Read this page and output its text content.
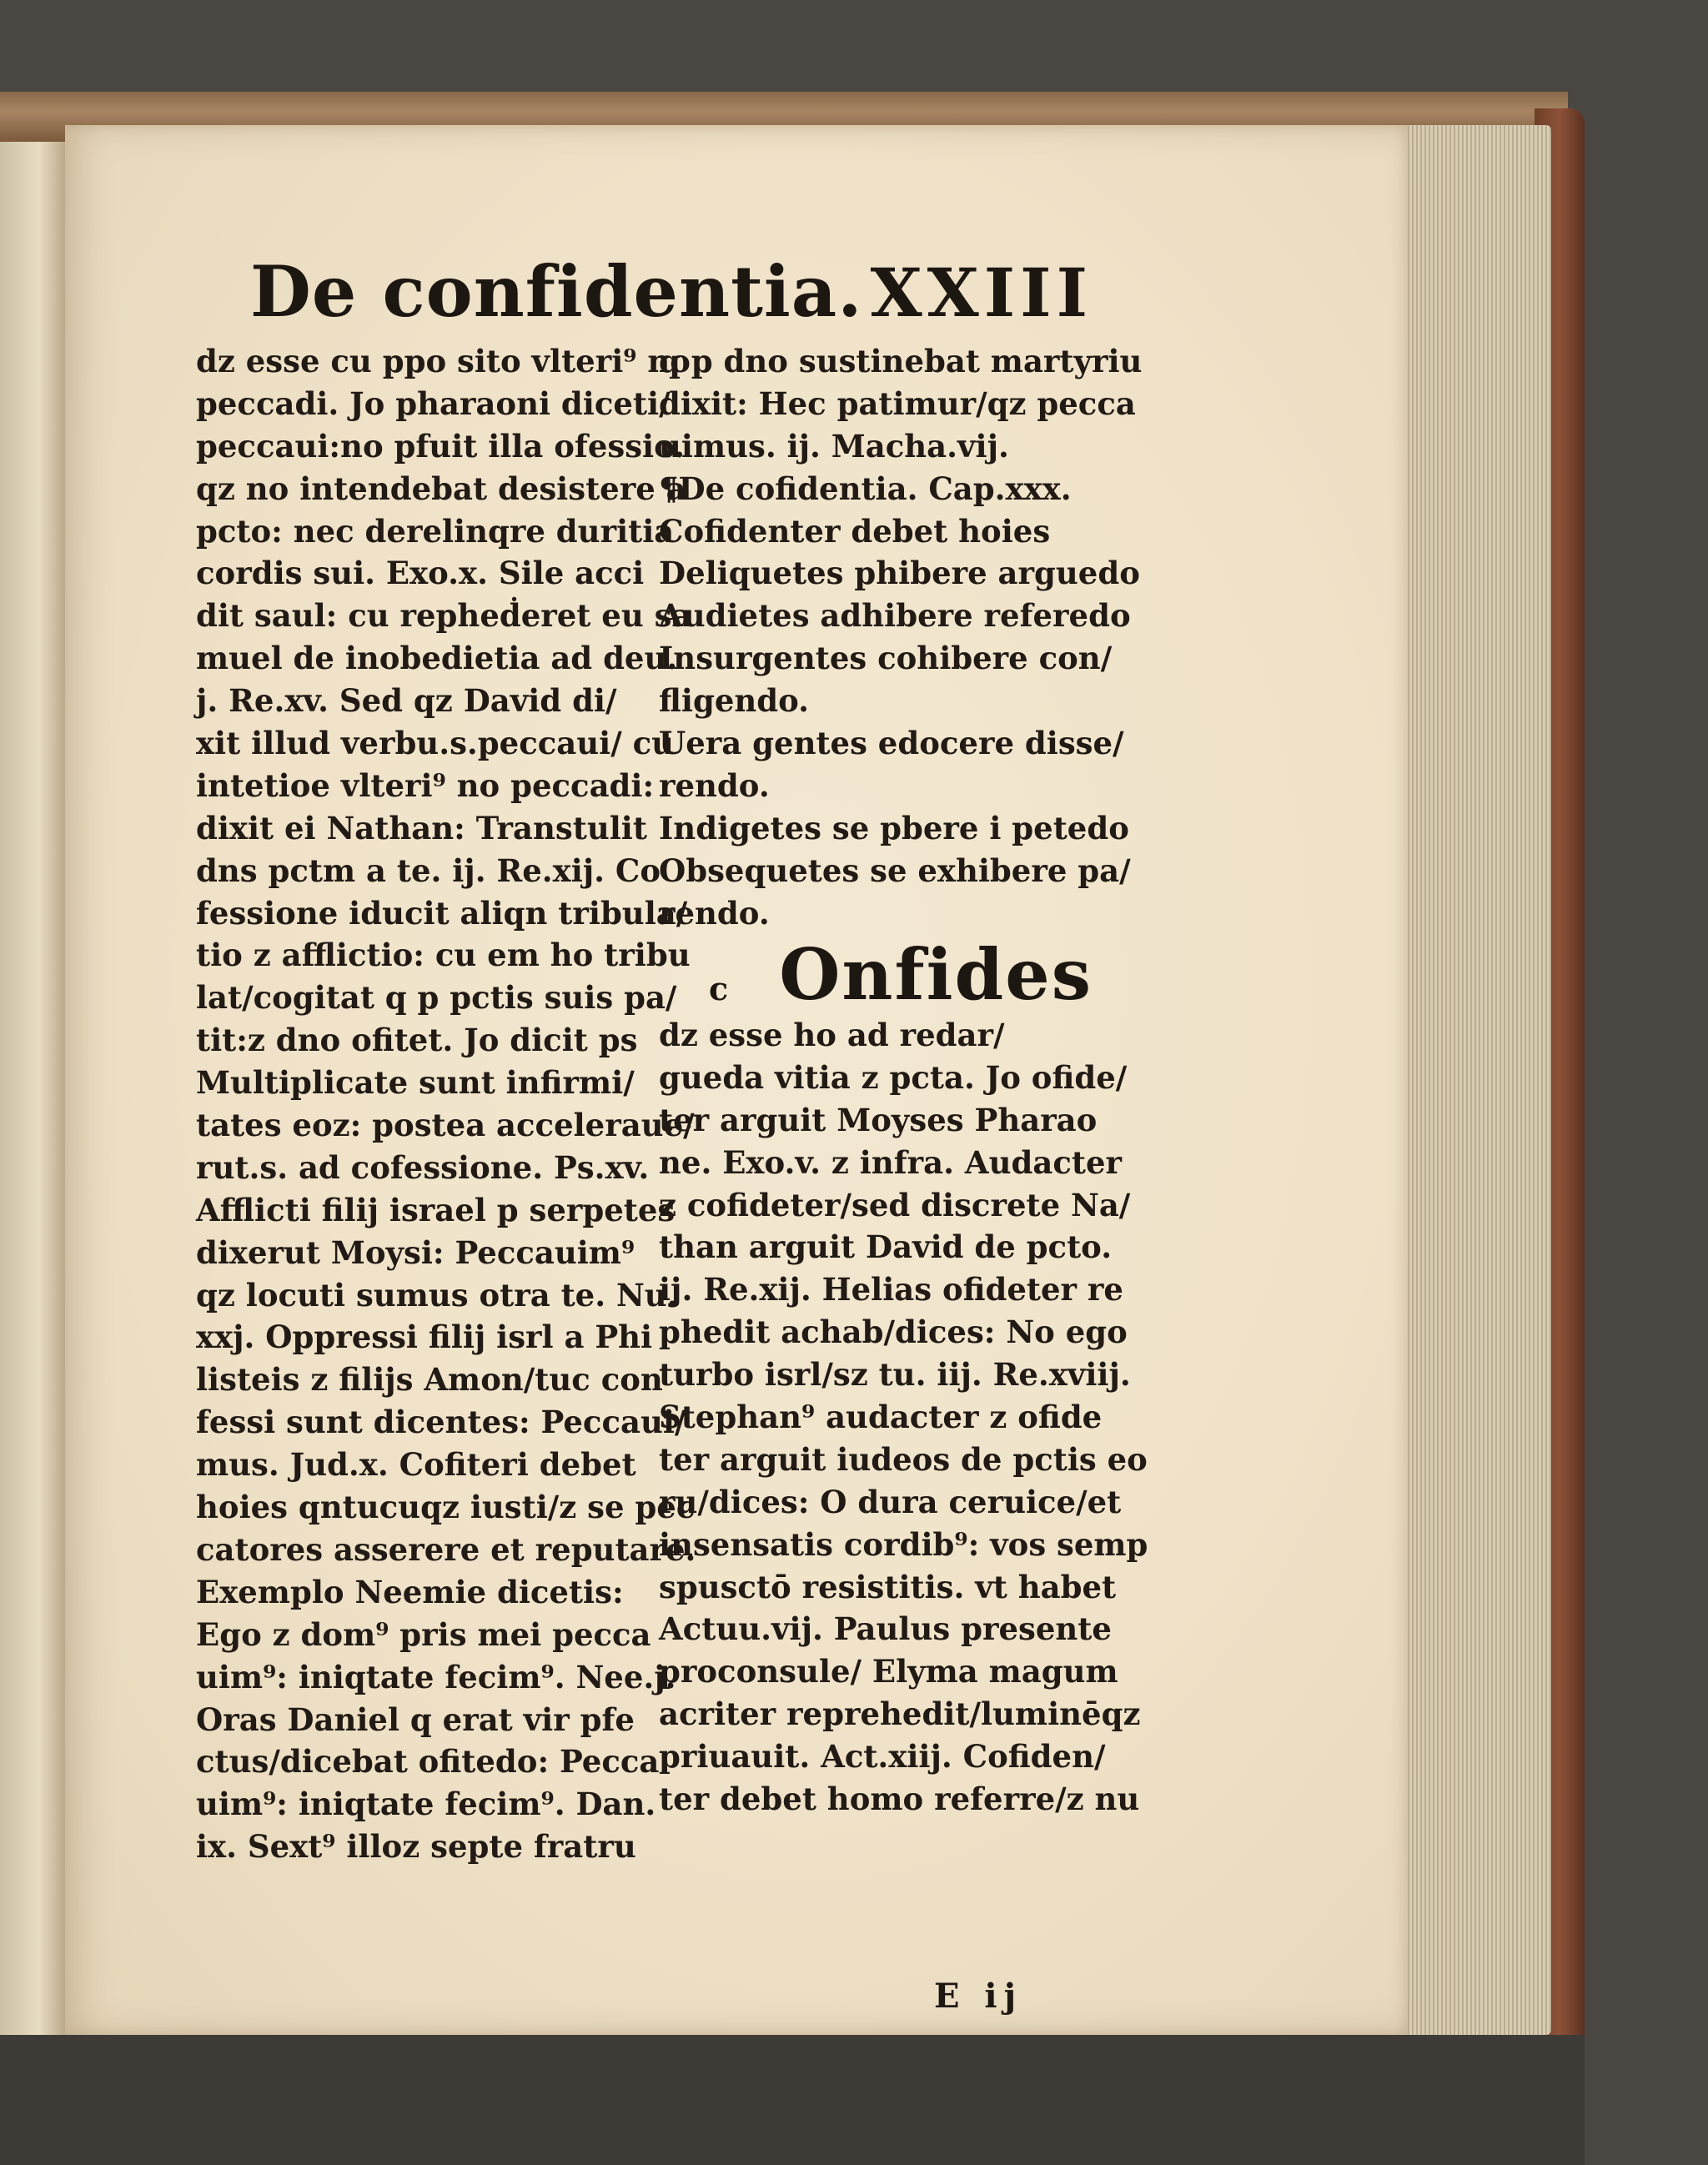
De confidentia. XXIII
dz esse cu ppo sito vlteri⁹ no
peccadi. Jo pharaoni diceti/
peccaui:no pfuit illa ofessio.
qz no intendebat desistere a
pcto: nec derelinqre duritia
cordis sui. Exo.x. Sile acci
dit saul: cu repheḋeret eu sa
muel de inobedietia ad deu.
j. Re.xv. Sed qz David di/
xit illud verbu.s.peccaui/ cu
intetioe vlteri⁹ no peccadi:
dixit ei Nathan: Transtulit
dns pctm a te. ij. Re.xij. Co
fessione iducit aliqn tribula/
tio z afflictio: cu em ho tribu
lat/cogitat q p pctis suis pa/
tit:z dno ofitet. Jo dicit ps
Multiplicate sunt infirmi/
tates eoz: postea acceleraue/
rut.s. ad cofessione. Ps.xv.
Afflicti filij israel p serpetes
dixerut Moysi: Peccauim⁹
qz locuti sumus otra te. Nu.
xxj. Oppressi filij isrl a Phi
listeis z filijs Amon/tuc con
fessi sunt dicentes: Peccaui/
mus. Jud.x. Cofiteri debet
hoies qntucuqz iusti/z se pec
catores asserere et reputare.
Exemplo Neemie dicetis:
Ego z dom⁹ pris mei pecca
uim⁹: iniqtate fecim⁹. Nee.j.
Oras Daniel q erat vir pfe
ctus/dicebat ofitedo: Pecca
uim⁹: iniqtate fecim⁹. Dan.
ix. Sext⁹ illoz septe fratru
q p dno sustinebat martyriu
dixit: Hec patimur/qz pecca
uimus. ij. Macha.vij.
¶De cofidentia. Cap.xxx.
Cofidenter debet hoies
Deliquetes phibere arguedo
Audietes adhibere referedo
Insurgentes cohibere con/
fligendo.
Uera gentes edocere disse/
rendo.
Indigetes se pbere i petedo
Obsequetes se exhibere pa/
rendo.
c Onfides
dz esse ho ad redar/
gueda vitia z pcta. Jo ofide/
ter arguit Moyses Pharao
ne. Exo.v. z infra. Audacter
z cofideter/sed discrete Na/
than arguit David de pcto.
ij. Re.xij. Helias ofideter re
phedit achab/dices: No ego
turbo isrl/sz tu. iij. Re.xviij.
Stephan⁹ audacter z ofide
ter arguit iudeos de pctis eo
ru/dices: O dura ceruice/et
insensatis cordib⁹: vos semp
spusctō resistitis. vt habet
Actuu.vij. Paulus presente
proconsule/ Elyma magum
acriter reprehedit/luminēqz
priuauit. Act.xiij. Cofiden/
ter debet homo referre/z nu
E ij
